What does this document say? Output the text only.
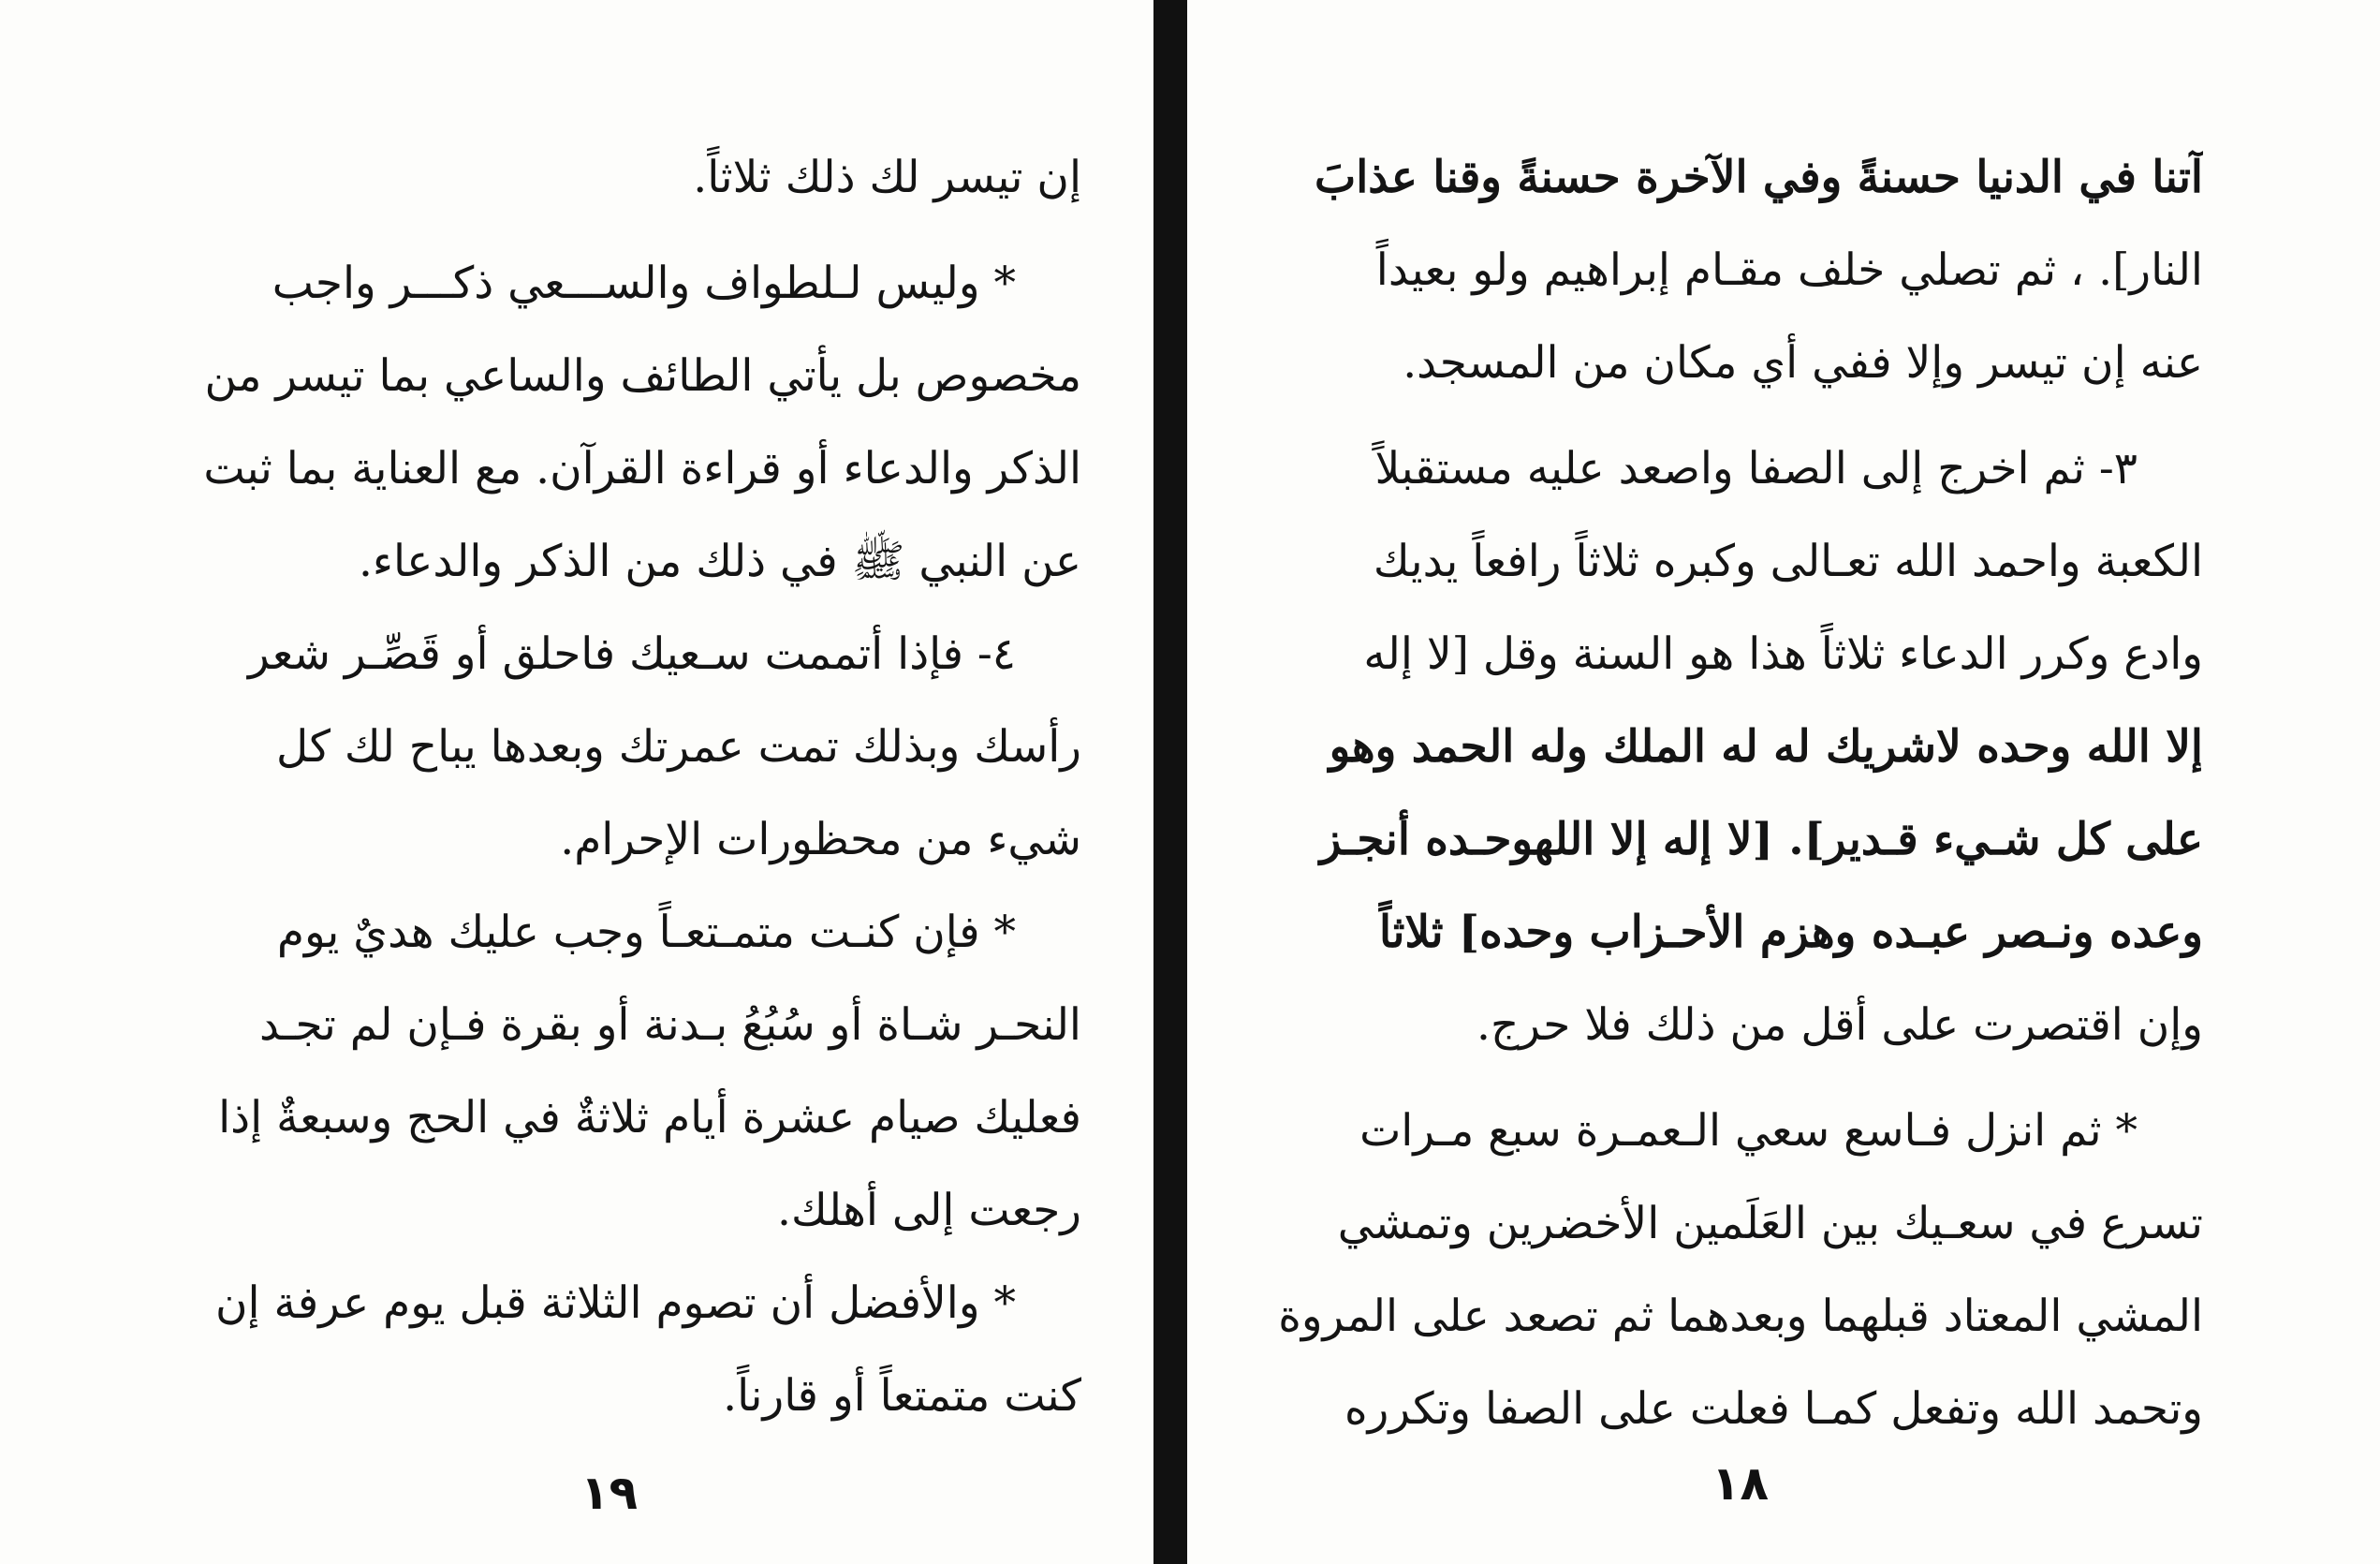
إن تيسر لك ذلك ثلاثاً.
* وليس لـلطواف والســـعي ذكـــر واجب
مخصوص بل يأتي الطائف والساعي بما تيسر من
الذكر والدعاء أو قراءة القرآن. مع العناية بما ثبت
عن النبي ﷺ في ذلك من الذكر والدعاء.
٤- فإذا أتممت سـعيك فاحلق أو قَصِّـر شعر
رأسك وبذلك تمت عمرتك وبعدها يباح لك كل
شيء من محظورات الإحرام.
* فإن كنـت متمـتعـاً وجب عليك هديٌ يوم
النحـر شـاة أو سُبُعُ بـدنة أو بقرة فـإن لم تجـد
فعليك صيام عشرة أيام ثلاثةٌ في الحج وسبعةٌ إذا
رجعت إلى أهلك.
* والأفضل أن تصوم الثلاثة قبل يوم عرفة إن
كنت متمتعاً أو قارناً.
١٩
آتنا في الدنيا حسنةً وفي الآخرة حسنةً وقنا عذابَ
النار]. ، ثم تصلي خلف مقـام إبراهيم ولو بعيداً
عنه إن تيسر وإلا ففي أي مكان من المسجد.
٣- ثم اخرج إلى الصفا واصعد عليه مستقبلاً
الكعبة واحمد الله تعـالى وكبره ثلاثاً رافعاً يديك
وادع وكرر الدعاء ثلاثاً هذا هو السنة وقل [لا إله
إلا الله وحده لاشريك له له الملك وله الحمد وهو
على كل شـيء قـدير]. [لا إله إلا اللهوحـده أنجـز
وعده ونـصر عبـده وهزم الأحـزاب وحده] ثلاثاً
وإن اقتصرت على أقل من ذلك فلا حرج.
* ثم انزل فـاسع سعي الـعمـرة سبع مـرات
تسرع في سعـيك بين العَلَمين الأخضرين وتمشي
المشي المعتاد قبلهما وبعدهما ثم تصعد على المروة
وتحمد الله وتفعل كمـا فعلت على الصفا وتكرره
١٨
